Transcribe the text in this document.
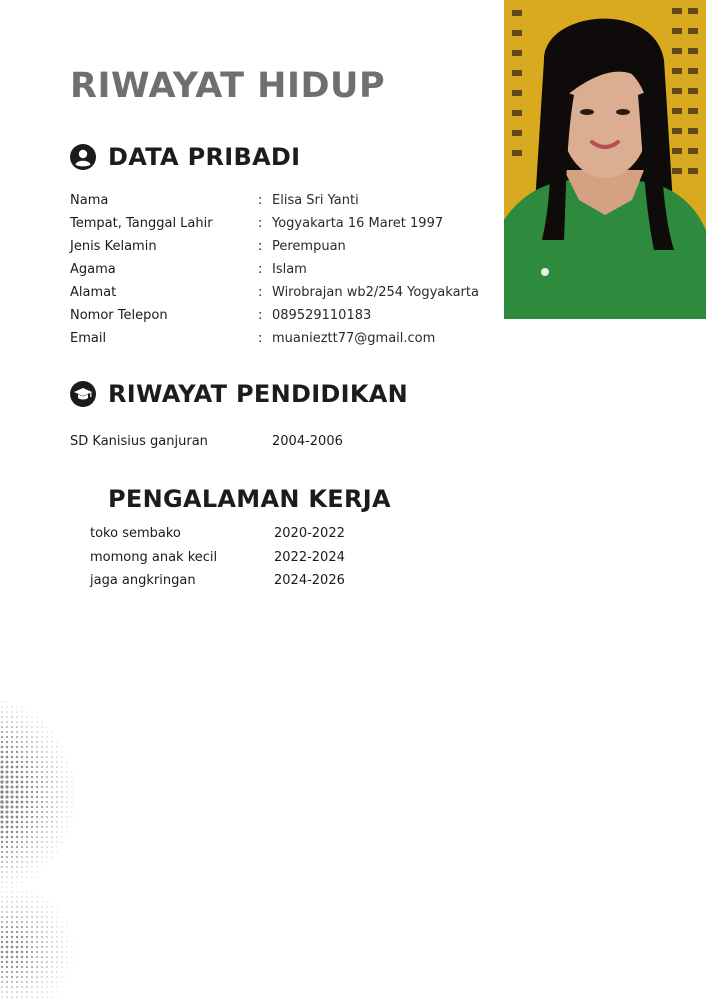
RIWAYAT HIDUP
DATA PRIBADI
Nama	: Elisa Sri Yanti
Tempat, Tanggal Lahir	: Yogyakarta 16 Maret 1997
Jenis Kelamin	: Perempuan
Agama	: Islam
Alamat	: Wirobrajan wb2/254 Yogyakarta
Nomor Telepon	: 089529110183
Email	: muanieztt77@gmail.com
RIWAYAT PENDIDIKAN
SD Kanisius ganjuran	2004-2006
PENGALAMAN KERJA
toko sembako	2020-2022
momong anak kecil	2022-2024
jaga angkringan	2024-2026
